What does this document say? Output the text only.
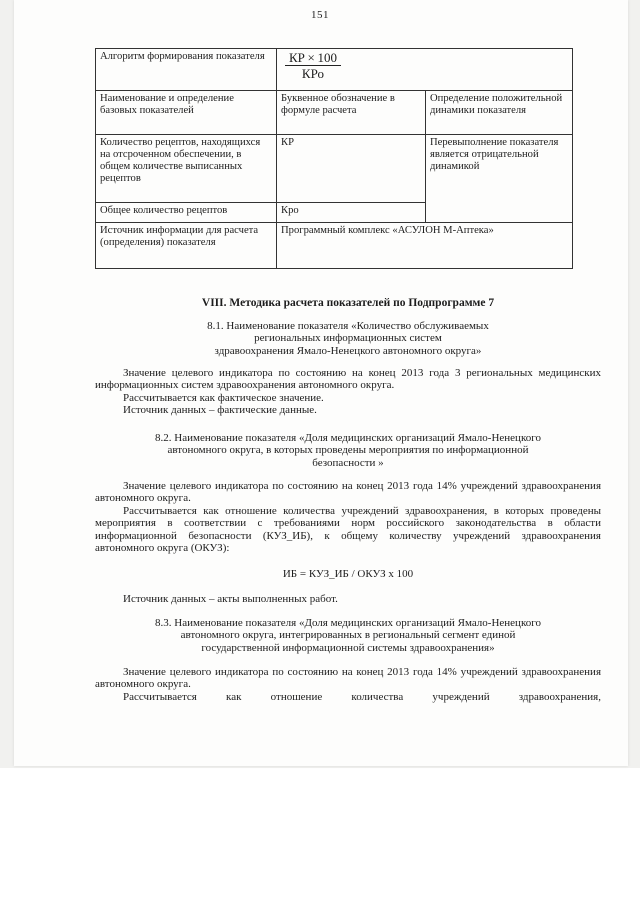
151
Алгоритм формирования показателя	$\frac{КР \times 100}{\text{КРо}}$

Наименование и определение базовых показателей	Буквенное обозначение в формуле расчета	Определение положительной динамики показателя
Количество рецептов, находящихся на отсроченном обеспечении, в общем количестве выписанных рецептов	КР	Перевыполнение показателя является отрицательной динамикой
Общее количество рецептов	Кро	
Источник информации для расчета (определения) показателя	Программный комплекс «АСУЛОН М-Аптека»	
VIII. Методика расчета показателей по Подпрограмме 7
8.1. Наименование показателя «Количество обслуживаемых
региональных информационных систем
здравоохранения Ямало-Ненецкого автономного округа»

Значение целевого индикатора по состоянию на конец 2013 года 3 региональных медицинских информационных систем здравоохранения автономного округа.

Рассчитывается как фактическое значение.

Источник данных – фактические данные.

8.2. Наименование показателя «Доля медицинских организаций Ямало-Ненецкого
автономного округа, в которых проведены мероприятия по информационной
безопасности »

Значение целевого индикатора по состоянию на конец 2013 года 14% учреждений здравоохранения автономного округа.

Рассчитывается как отношение количества учреждений здравоохранения, в которых проведены мероприятия в соответствии с требованиями норм российского законодательства в области информационной безопасности (КУЗ_ИБ), к общему количеству учреждений здравоохранения автономного округа (ОКУЗ):

ИБ = КУЗ_ИБ / ОКУЗ х 100

Источник данных – акты выполненных работ.

8.3. Наименование показателя «Доля медицинских организаций Ямало-Ненецкого
автономного округа, интегрированных в региональный сегмент единой
государственной информационной системы здравоохранения»

Значение целевого индикатора по состоянию на конец 2013 года 14% учреждений здравоохранения автономного округа.

Рассчитывается как отношение количества учреждений здравоохранения,
